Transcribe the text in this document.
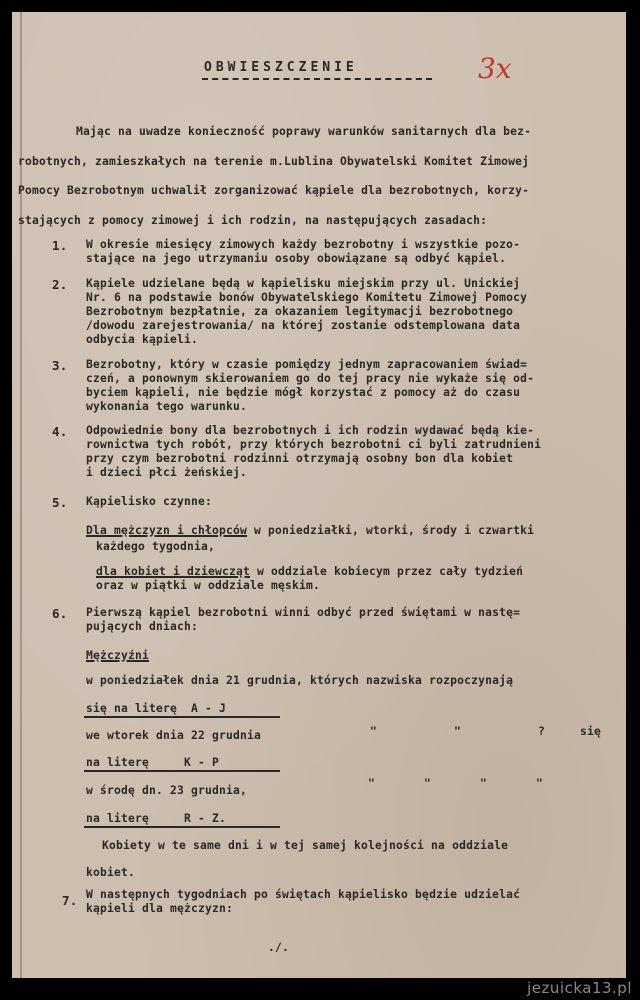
OBWIESZCZENIE	3x
Mając na uwadze konieczność poprawy warunków sanitarnych dla bez-
robotnych, zamieszkałych na terenie m.Lublina Obywatelski Komitet Zimowej
Pomocy Bezrobotnym uchwalił zorganizować kąpiele dla bezrobotnych, korzy-
stających z pomocy zimowej i ich rodzin, na następujących zasadach:
1. W okresie miesięcy zimowych każdy bezrobotny i wszystkie pozo-
stające na jego utrzymaniu osoby obowiązane są odbyć kąpiel.
2. Kąpiele udzielane będą w kąpielisku miejskim przy ul. Unickiej
Nr. 6 na podstawie bonów Obywatelskiego Komitetu Zimowej Pomocy
Bezrobotnym bezpłatnie, za okazaniem legitymacji bezrobotnego
/dowodu zarejestrowania/ na której zostanie odstemplowana data
odbycia kąpieli.
3. Bezrobotny, który w czasie pomiędzy jednym zapracowaniem świad=
czeń, a ponownym skierowaniem go do tej pracy nie wykaże się od-
byciem kąpieli, nie będzie mógł korzystać z pomocy aż do czasu
wykonania tego warunku.
4. Odpowiednie bony dla bezrobotnych i ich rodzin wydawać będą kie-
rownictwa tych robót, przy których bezrobotni ci byli zatrudnieni
przy czym bezrobotni rodzinni otrzymają osobny bon dla kobiet
i dzieci płci żeńskiej.
5. Kąpielisko czynne:
Dla mężczyzn i chłopców w poniedziałki, wtorki, środy i czwartki
każdego tygodnia,
dla kobiet i dziewcząt w oddziale kobiecym przez cały tydzień
oraz w piątki w oddziale męskim.
6. Pierwszą kąpiel bezrobotni winni odbyć przed świętami w nastę=
pujących dniach:
Mężczyźni
w poniedziałek dnia 21 grudnia, których nazwiska rozpoczynają
się na literę  A - J
we wtorek dnia 22 grudnia	"           "           ?     się
na literę     K - P
w środę dn. 23 grudnia,
"       "       "       "
na literę     R - Z.
Kobiety w te same dni i w tej samej kolejności na oddziale
kobiet.
7. W następnych tygodniach po świętach kąpielisko będzie udzielać
kąpieli dla mężczyzn:
./.
jezuicka13.pl
